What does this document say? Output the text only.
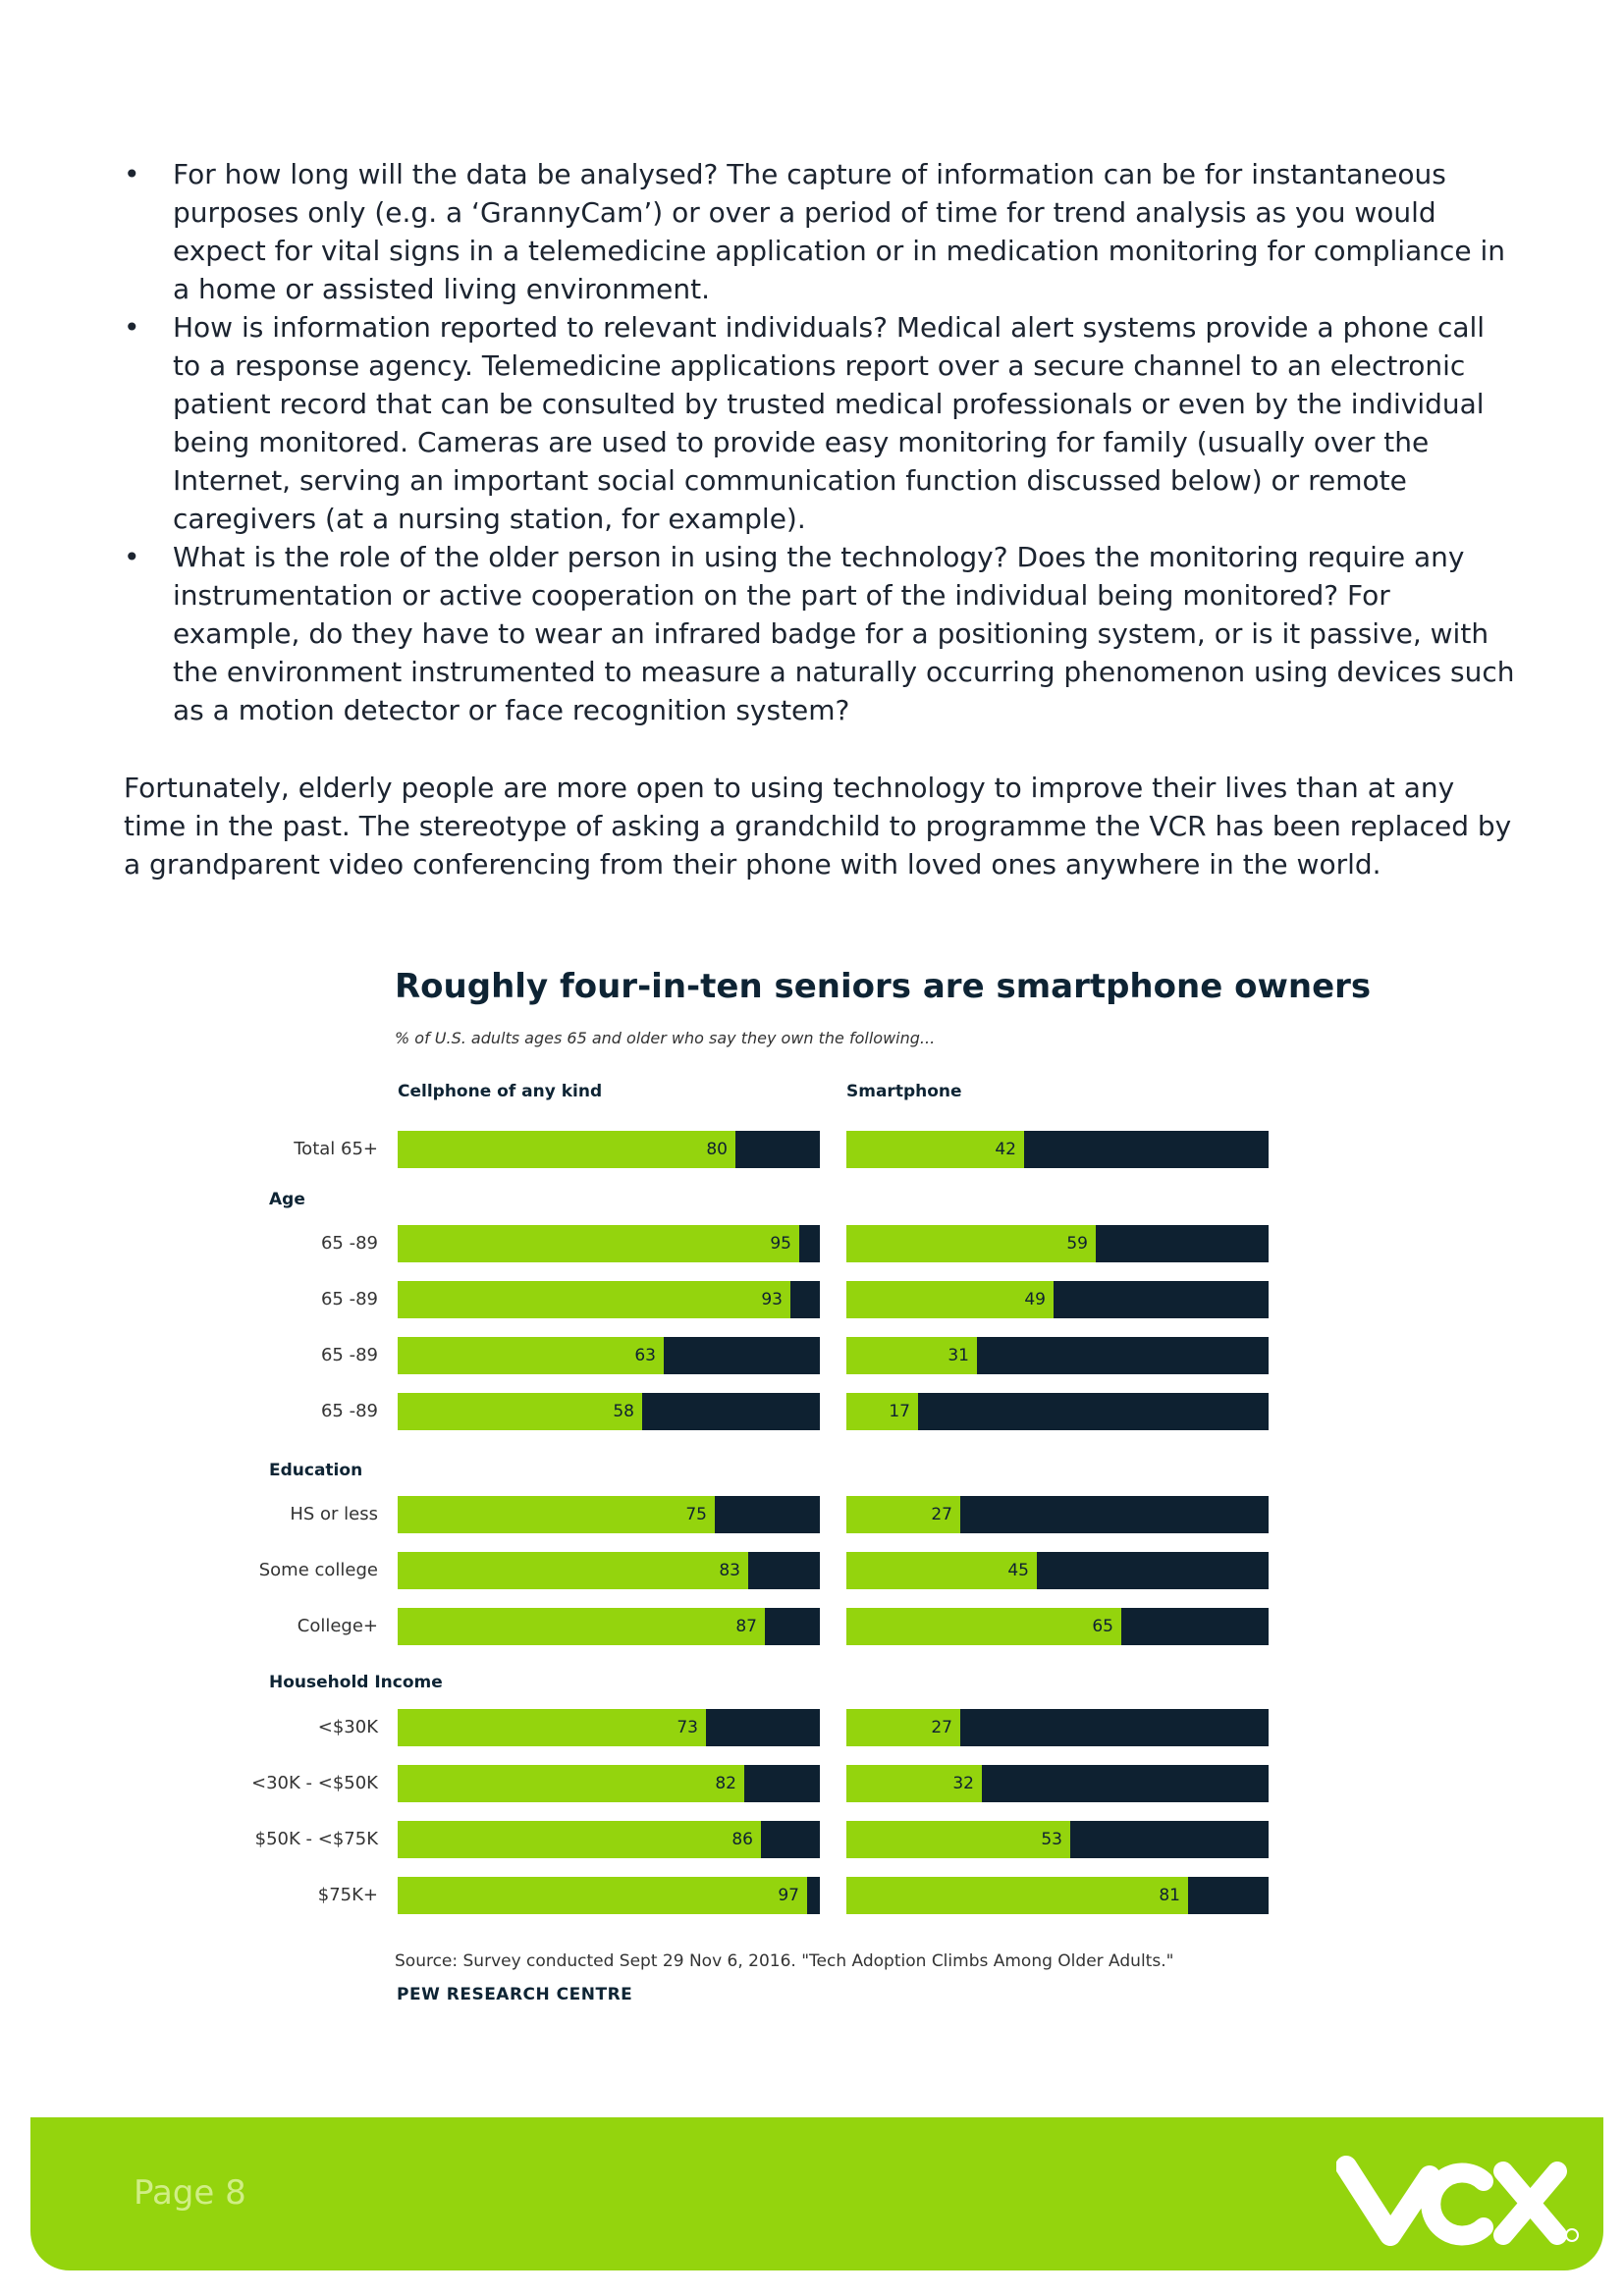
• For how long will the data be analysed? The capture of information can be for instantaneous purposes only (e.g. a ‘GrannyCam’) or over a period of time for trend analysis as you would expect for vital signs in a telemedicine application or in medication monitoring for compliance in a home or assisted living environment.
• How is information reported to relevant individuals? Medical alert systems provide a phone call to a response agency. Telemedicine applications report over a secure channel to an electronic patient record that can be consulted by trusted medical professionals or even by the individual being monitored. Cameras are used to provide easy monitoring for family (usually over the Internet, serving an important social communication function discussed below) or remote caregivers (at a nursing station, for example).
• What is the role of the older person in using the technology? Does the monitoring require any instrumentation or active cooperation on the part of the individual being monitored? For example, do they have to wear an infrared badge for a positioning system, or is it passive, with the environment instrumented to measure a naturally occurring phenomenon using devices such as a motion detector or face recognition system?

Fortunately, elderly people are more open to using technology to improve their lives than at any time in the past. The stereotype of asking a grandchild to programme the VCR has been replaced by a grandparent video conferencing from their phone with loved ones anywhere in the world.

Roughly four-in-ten seniors are smartphone owners
% of U.S. adults ages 65 and older who say they own the following...
Cellphone of any kind	Smartphone
Age
Education
Household Income
Total 65+	80	42
65 -89	95	59
65 -89	93	49
65 -89	63	31
65 -89	58	17
HS or less	75	27
Some college	83	45
College+	87	65
<$30K	73	27
<30K - <$50K	82	32
$50K - <$75K	86	53
$75K+	97	81
Source: Survey conducted Sept 29 Nov 6, 2016. "Tech Adoption Climbs Among Older Adults."
PEW RESEARCH CENTRE
Page 8
